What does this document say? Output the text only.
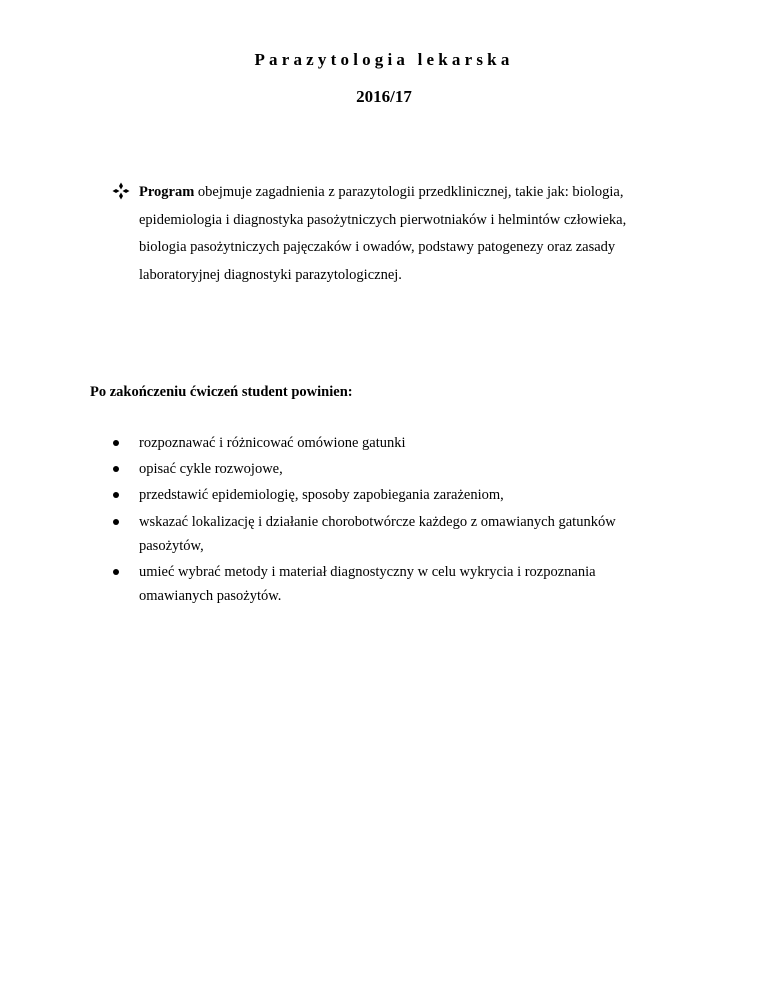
Parazytologia lekarska
2016/17

Program obejmuje zagadnienia z parazytologii przedklinicznej, takie jak: biologia,
epidemiologia i diagnostyka pasożytniczych pierwotniaków i helmintów człowieka,
biologia pasożytniczych pajęczaków i owadów, podstawy patogenezy oraz zasady
laboratoryjnej diagnostyki parazytologicznej.

Po zakończeniu ćwiczeń student powinien:

rozpoznawać i różnicować omówione gatunki
opisać cykle rozwojowe,
przedstawić epidemiologię, sposoby zapobiegania zarażeniom,
wskazać lokalizację i działanie chorobotwórcze każdego z omawianych gatunków
pasożytów,
umieć wybrać metody i materiał diagnostyczny w celu wykrycia i rozpoznania
omawianych pasożytów.
